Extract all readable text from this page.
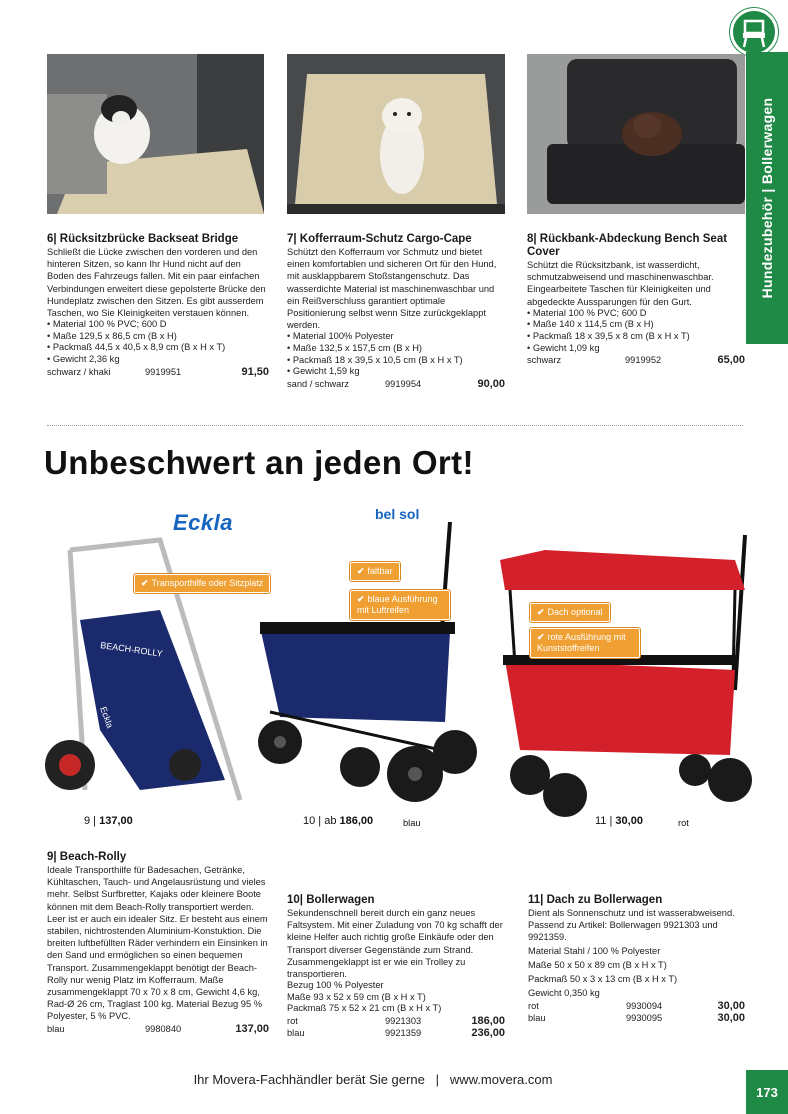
Hundezubehör | Bollerwagen
6| Rücksitzbrücke Backseat Bridge
Schließt die Lücke zwischen den vorderen und den hinteren Sitzen, so kann Ihr Hund nicht auf den Boden des Fahrzeugs fallen. Mit ein paar einfachen Verbindungen erweitert diese gepolsterte Brücke den Hundeplatz zwischen den Sitzen. Es gibt ausserdem Taschen, wo Sie Kleinigkeiten verstauen können.
• Material 100 % PVC; 600 D
• Maße 129,5 x 86,5 cm (B x H)
• Packmaß 44,5 x 40,5 x 8,9 cm (B x H x T)
• Gewicht 2,36 kg
schwarz / khaki	9919951	91,50
7| Kofferraum-Schutz Cargo-Cape
Schützt den Kofferraum vor Schmutz und bietet einen komfortablen und sicheren Ort für den Hund, mit ausklappbarem Stoßstangenschutz. Das wasserdichte Material ist maschinenwaschbar und ein Reißverschluss garantiert optimale Positionierung selbst wenn Sitze zurückgeklappt werden.
• Material 100% Polyester
• Maße 132,5 x 157,5 cm (B x H)
• Packmaß 18 x 39,5 x 10,5 cm (B x H x T)
• Gewicht 1,59 kg
sand / schwarz	9919954	90,00
8| Rückbank-Abdeckung Bench Seat Cover
Schützt die Rücksitzbank, ist wasserdicht, schmutzabweisend und maschinenwaschbar. Eingearbeitete Taschen für Kleinigkeiten und abgedeckte Aussparungen für den Gurt.
• Material 100 % PVC; 600 D
• Maße 140 x 114,5 cm (B x H)
• Packmaß 18 x 39,5 x 8 cm (B x H x T)
• Gewicht 1,09 kg
schwarz	9919952	65,00
Unbeschwert an jeden Ort!
Eckla	bel sol
BEACH-ROLLY
Eckla
✔ Transporthilfe oder Sitzplatz
✔ faltbar
✔ blaue Ausführung mit Luftreifen	✔ Dach optional
✔ rote Ausführung mit Kunststoffreifen
9 | 137,00	10 | ab 186,00	blau	11 | 30,00	rot
9| Beach-Rolly
Ideale Transporthilfe für Badesachen, Getränke, Kühltaschen, Tauch- und Angelausrüstung und vieles mehr. Selbst Surfbretter, Kajaks oder kleinere Boote können mit dem Beach-Rolly transportiert werden. Leer ist er auch ein idealer Sitz. Er besteht aus einem stabilen, nichtrostenden Aluminium-Konstuktion. Die breiten luftbefüllten Räder verhindern ein Einsinken in den Sand und ermöglichen so einen bequemen Transport. Zusammengeklappt benötigt der Beach-Rolly nur wenig Platz im Kofferraum. Maße zusammengeklappt 70 x 70 x 8 cm, Gewicht 4,6 kg, Rad-Ø 26 cm, Traglast 100 kg. Material Bezug 95 % Polyester, 5 % PVC.
blau	9980840	137,00
10| Bollerwagen
Sekundenschnell bereit durch ein ganz neues Faltsystem. Mit einer Zuladung von 70 kg schafft der kleine Helfer auch richtig große Einkäufe oder den Transport diverser Gegenstände zum Strand. Zusammengeklappt ist er wie ein Trolley zu transportieren.
Bezug 100 % Polyester
Maße 93 x 52 x 59 cm (B x H x T)
Packmaß 75 x 52 x 21 cm (B x H x T)
rot	9921303	186,00
blau	9921359	236,00
11| Dach zu Bollerwagen
Dient als Sonnenschutz und ist wasserabweisend. Passend zu Artikel: Bollerwagen 9921303 und 9921359.
Material Stahl / 100 % Polyester
Maße 50 x 50 x 89 cm (B x H x T)
Packmaß 50 x 3 x 13 cm (B x H x T)
Gewicht 0,350 kg
rot	9930094	30,00
blau	9930095	30,00
Ihr Movera-Fachhändler berät Sie gerne   |   www.movera.com
173
